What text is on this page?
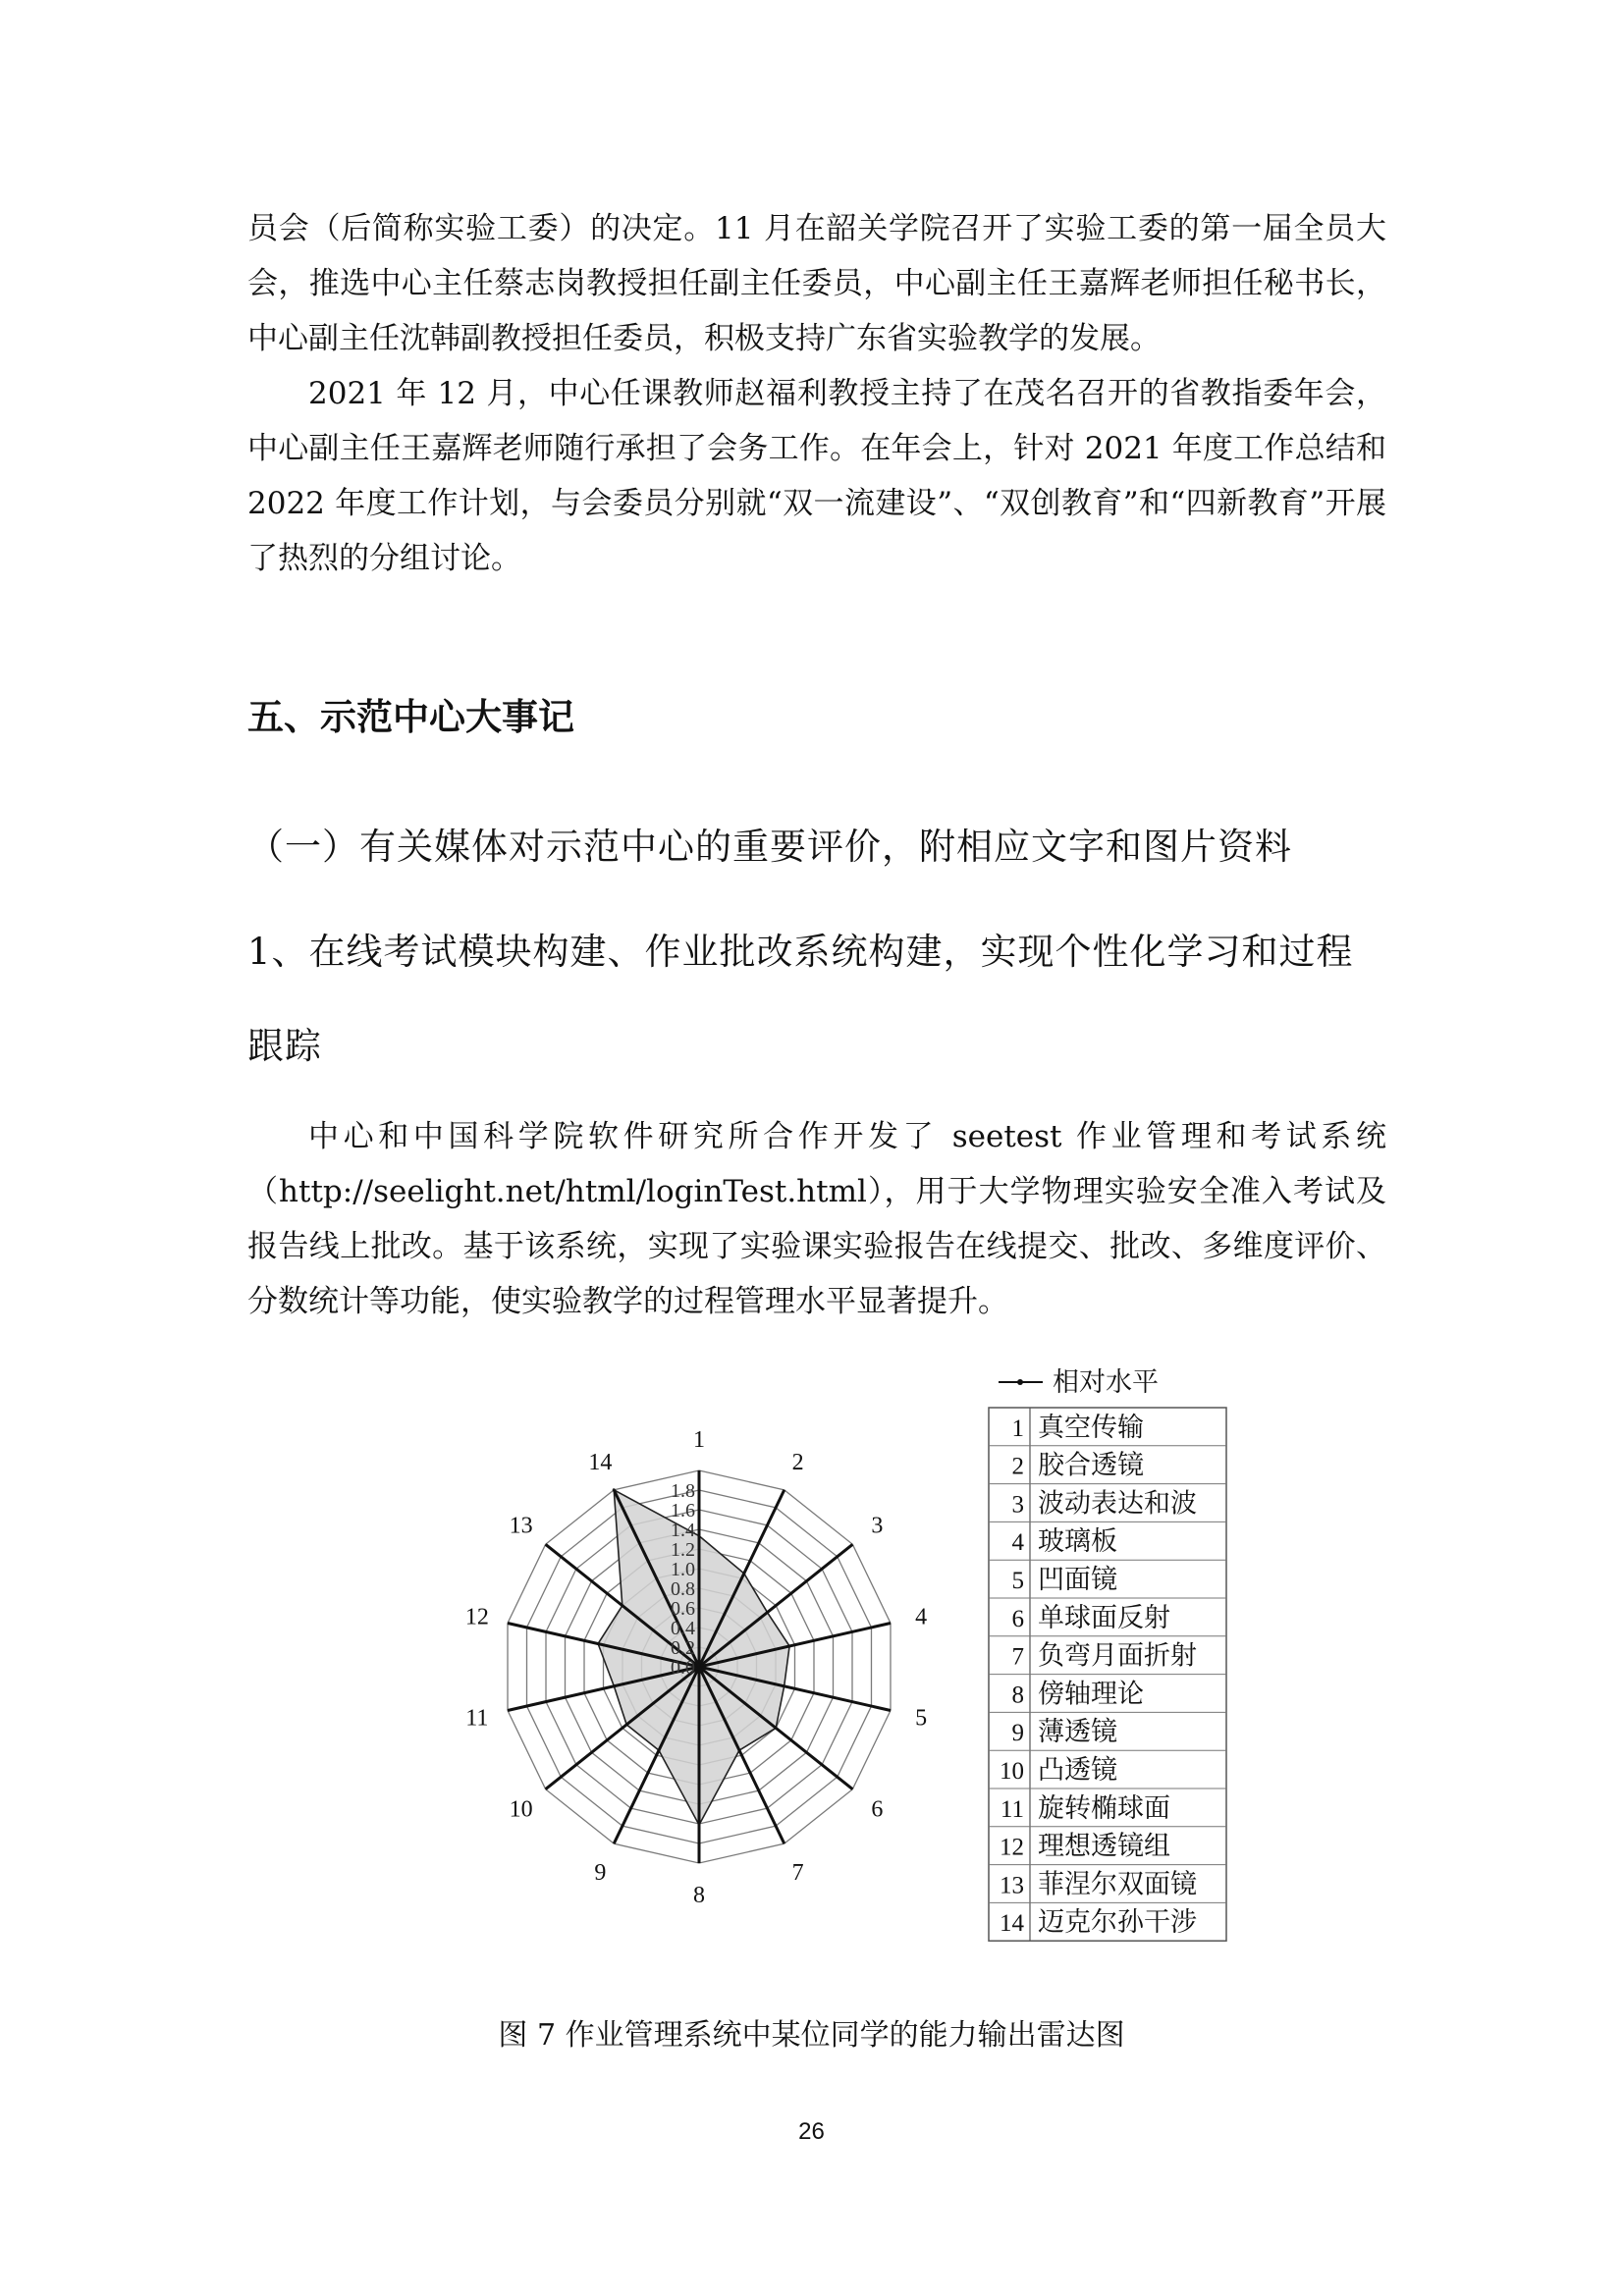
员会（后简称实验工委）的决定。11 月在韶关学院召开了实验工委的第一届全员大会，推选中心主任蔡志岗教授担任副主任委员，中心副主任王嘉辉老师担任秘书长，中心副主任沈韩副教授担任委员，积极支持广东省实验教学的发展。
2021 年 12 月，中心任课教师赵福利教授主持了在茂名召开的省教指委年会，中心副主任王嘉辉老师随行承担了会务工作。在年会上，针对 2021 年度工作总结和 2022 年度工作计划，与会委员分别就“双一流建设”、“双创教育”和“四新教育”开展了热烈的分组讨论。
五、示范中心大事记
（一）有关媒体对示范中心的重要评价，附相应文字和图片资料
1、在线考试模块构建、作业批改系统构建，实现个性化学习和过程跟踪
中心和中国科学院软件研究所合作开发了 seetest 作业管理和考试系统（http://seelight.net/html/loginTest.html），用于大学物理实验安全准入考试及报告线上批改。基于该系统，实现了实验课实验报告在线提交、批改、多维度评价、分数统计等功能，使实验教学的过程管理水平显著提升。
0.0
0.2
0.4
0.6
0.8
1.0
1.2
1.4
1.6
1.8
1
2
3
4
5
6
7
8
9
10
11
12
13
14
相对水平
1 真空传输
2 胶合透镜
3 波动表达和波
4 玻璃板
5 凹面镜
6 单球面反射
7 负弯月面折射
8 傍轴理论
9 薄透镜
10 凸透镜
11 旋转椭球面
12 理想透镜组
13 菲涅尔双面镜
14 迈克尔孙干涉
图 7 作业管理系统中某位同学的能力输出雷达图
26
